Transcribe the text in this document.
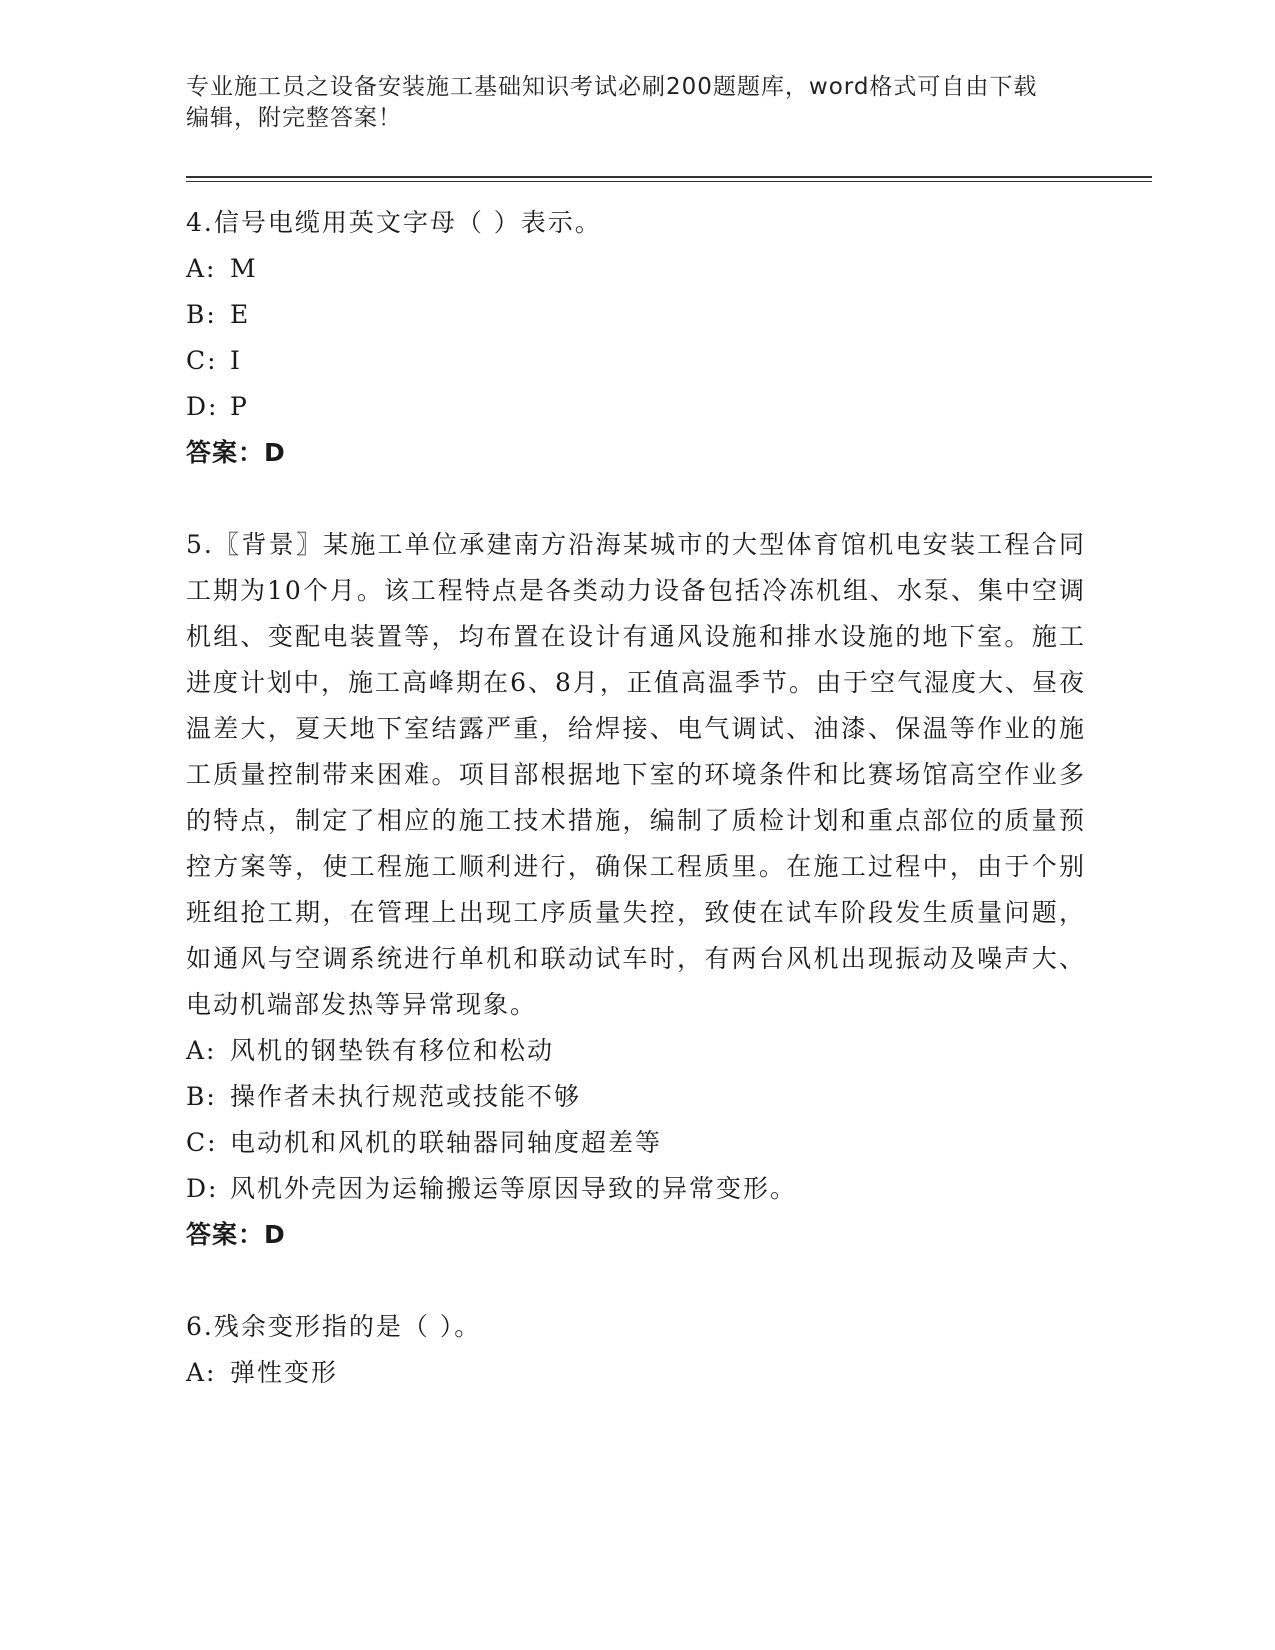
专业施工员之设备安装施工基础知识考试必刷200题题库，word格式可自由下载
编辑，附完整答案！

4.信号电缆用英文字母（ ）表示。

A: M

B: E

C: I

D: P

答案：D

5.〖背景〗某施工单位承建南方沿海某城市的大型体育馆机电安装工程合同工期为10个月。该工程特点是各类动力设备包括冷冻机组、水泵、集中空调机组、变配电装置等，均布置在设计有通风设施和排水设施的地下室。施工进度计划中，施工高峰期在6、8月，正值高温季节。由于空气湿度大、昼夜温差大，夏天地下室结露严重，给焊接、电气调试、油漆、保温等作业的施工质量控制带来困难。项目部根据地下室的环境条件和比赛场馆高空作业多的特点，制定了相应的施工技术措施，编制了质检计划和重点部位的质量预控方案等，使工程施工顺利进行，确保工程质里。在施工过程中，由于个别班组抢工期，在管理上出现工序质量失控，致使在试车阶段发生质量问题，如通风与空调系统进行单机和联动试车时，有两台风机出现振动及噪声大、电动机端部发热等异常现象。

A: 风机的钢垫铁有移位和松动

B: 操作者未执行规范或技能不够

C: 电动机和风机的联轴器同轴度超差等

D: 风机外壳因为运输搬运等原因导致的异常变形。

答案：D

6.残余变形指的是（ ）。

A: 弹性变形
